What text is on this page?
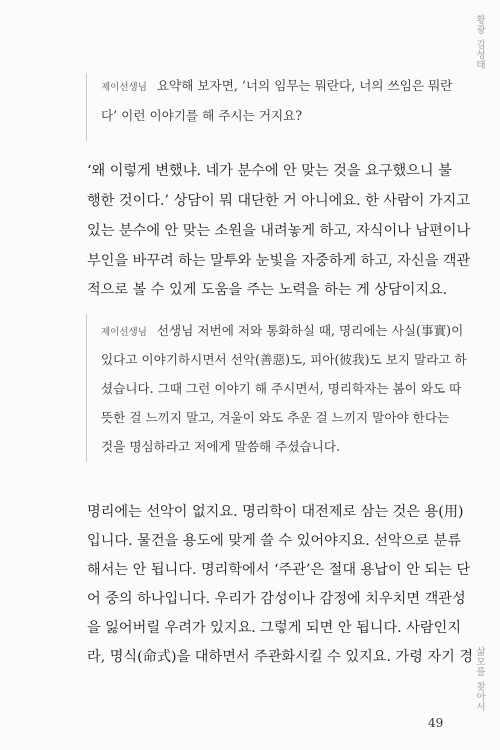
황
광
김
성
태
삶
모
를
찾
아
서
제이선생님 요약해 보자면, ‘너의 임무는 뭐란다, 너의 쓰임은 뭐란
다’ 이런 이야기를 해 주시는 거지요?
‘왜 이렇게 변했냐. 네가 분수에 안 맞는 것을 요구했으니 불
행한 것이다.’ 상담이 뭐 대단한 거 아니에요. 한 사람이 가지고
있는 분수에 안 맞는 소원을 내려놓게 하고, 자식이나 남편이나
부인을 바꾸려 하는 말투와 눈빛을 자중하게 하고, 자신을 객관
적으로 볼 수 있게 도움을 주는 노력을 하는 게 상담이지요.
제이선생님 선생님 저번에 저와 통화하실 때, 명리에는 사실(事實)이
있다고 이야기하시면서 선악(善惡)도, 피아(彼我)도 보지 말라고 하
셨습니다. 그때 그런 이야기 해 주시면서, 명리학자는 봄이 와도 따
뜻한 걸 느끼지 말고, 겨울이 와도 추운 걸 느끼지 말아야 한다는
것을 명심하라고 저에게 말씀해 주셨습니다.
명리에는 선악이 없지요. 명리학이 대전제로 삼는 것은 용(用)
입니다. 물건을 용도에 맞게 쓸 수 있어야지요. 선악으로 분류
해서는 안 됩니다. 명리학에서 ‘주관’은 절대 용납이 안 되는 단
어 중의 하나입니다. 우리가 감성이나 감정에 치우치면 객관성
을 잃어버릴 우려가 있지요. 그렇게 되면 안 됩니다. 사람인지
라, 명식(命式)을 대하면서 주관화시킬 수 있지요. 가령 자기 경
49
